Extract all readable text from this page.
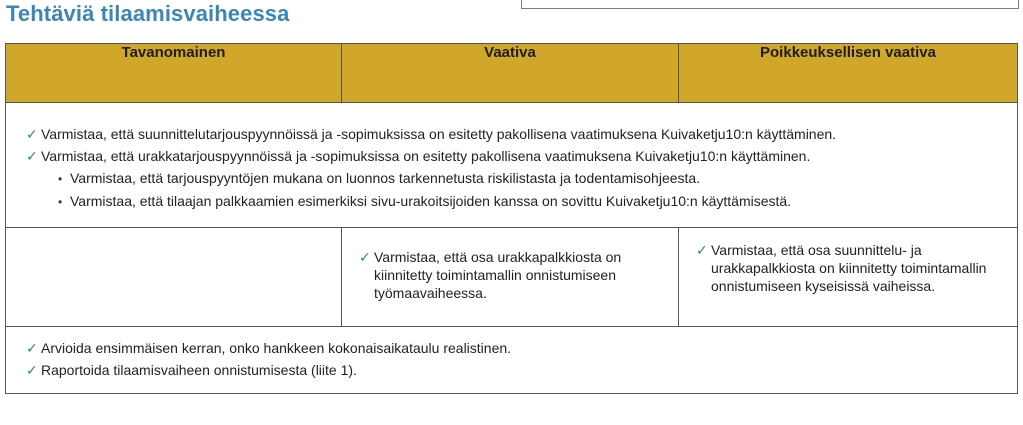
Tehtäviä tilaamisvaiheessa
Tavanomainen	Vaativa	Poikkeuksellisen vaativa

✓ Varmistaa, että suunnittelutarjouspyynnöissä ja -sopimuksissa on esitetty pakollisena vaatimuksena Kuivaketju10:n käyttäminen.
✓ Varmistaa, että urakkatarjouspyynnöissä ja -sopimuksissa on esitetty pakollisena vaatimuksena Kuivaketju10:n käyttäminen.
• Varmistaa, että tarjouspyyntöjen mukana on luonnos tarkennetusta riskilistasta ja todentamisohjeesta.
• Varmistaa, että tilaajan palkkaamien esimerkiksi sivu-urakoitsijoiden kanssa on sovittu Kuivaketju10:n käyttämisestä.		

	✓ Varmistaa, että osa urakkapalkkiosta on kiinnitetty toimintamallin onnistumiseen työmaavaiheessa.	✓ Varmistaa, että osa suunnittelu- ja urakkapalkkiosta on kiinnitetty toimintamallin onnistumiseen kyseisissä vaiheissa.

✓ Arvioida ensimmäisen kerran, onko hankkeen kokonaisaikataulu realistinen.
✓ Raportoida tilaamisvaiheen onnistumisesta (liite 1).		
